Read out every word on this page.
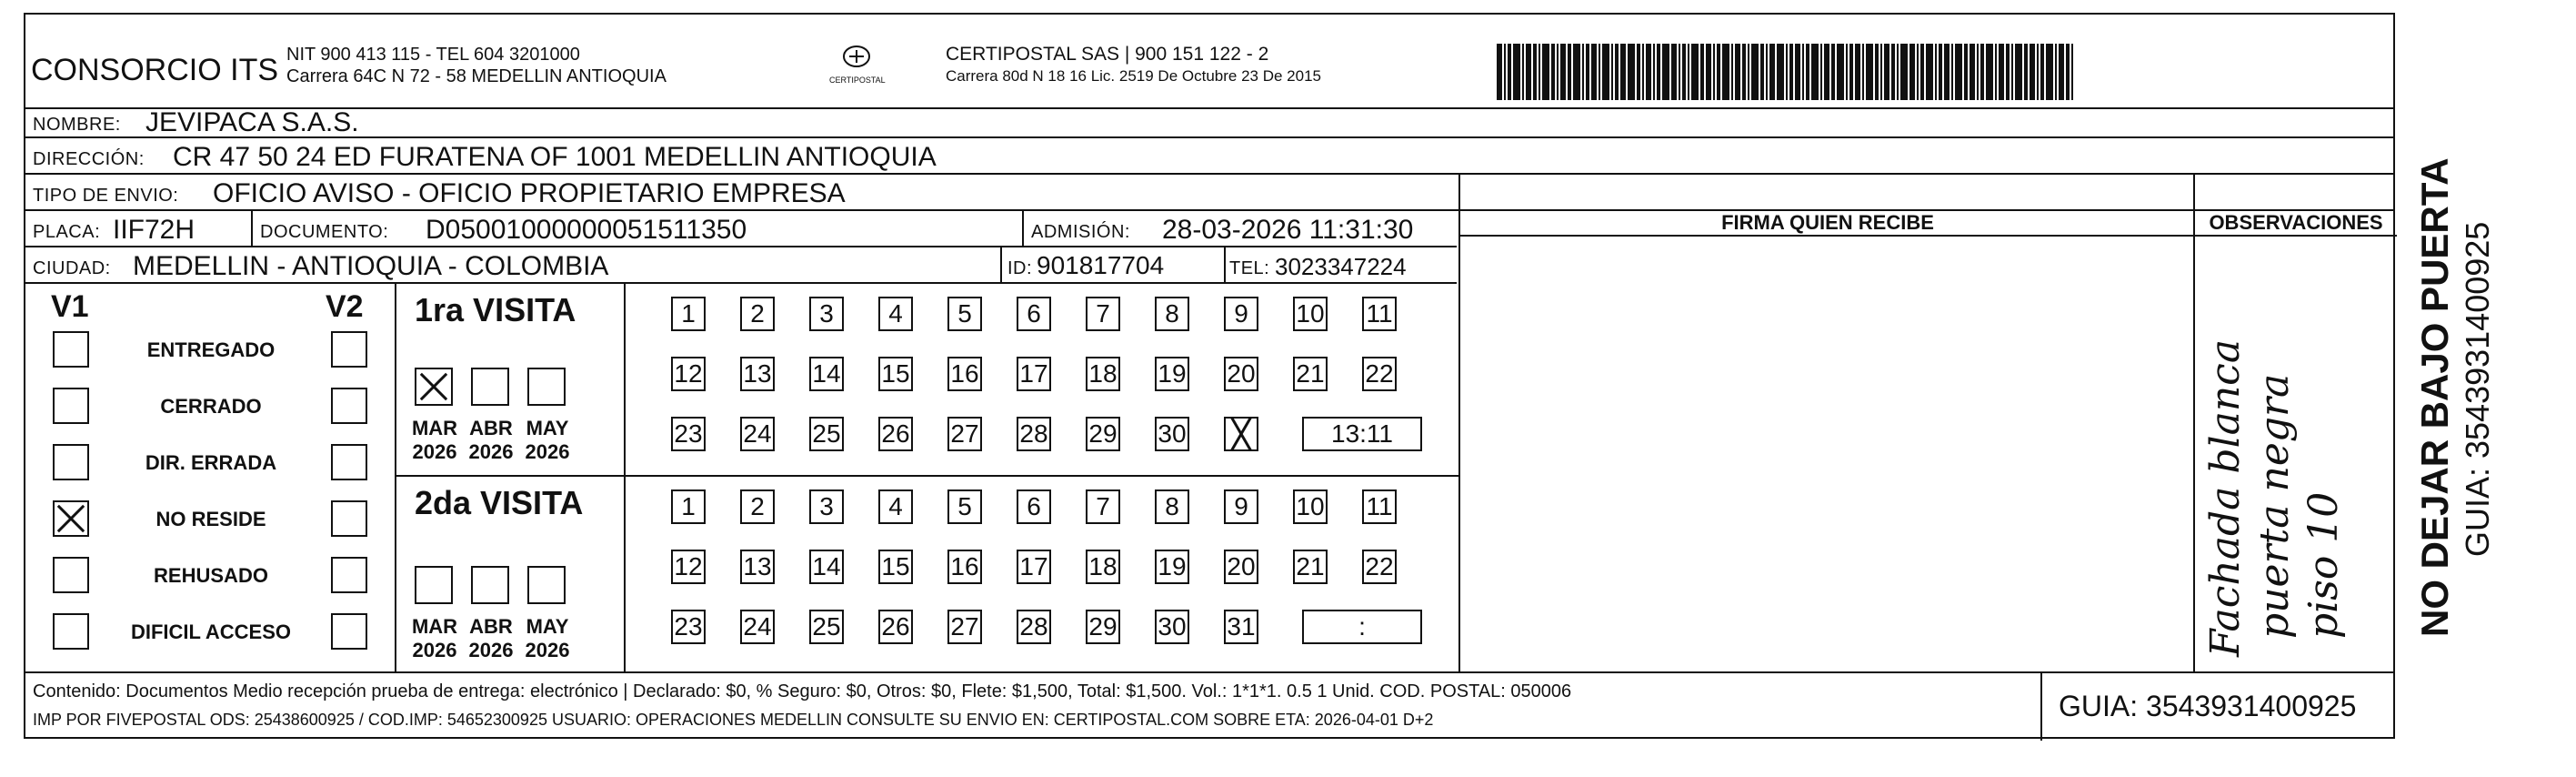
CONSORCIO ITS NIT 900 413 115 - TEL 604 3201000
Carrera 64C N 72 - 58 MEDELLIN ANTIOQUIA	CERTIPOSTAL
CERTIPOSTAL SAS | 900 151 122 - 2
Carrera 80d N 18 16 Lic. 2519 De Octubre 23 De 2015
NOMBRE: JEVIPACA S.A.S.
DIRECCIÓN: CR 47 50 24 ED FURATENA OF 1001 MEDELLIN ANTIOQUIA
TIPO DE ENVIO: OFICIO AVISO - OFICIO PROPIETARIO EMPRESA
PLACA: IIF72H	DOCUMENTO: D05001000000051511350	ADMISIÓN: 28-03-2026 11:31:30
CIUDAD: MEDELLIN - ANTIOQUIA - COLOMBIA	ID: 901817704	TEL: 3023347224
FIRMA QUIEN RECIBE	OBSERVACIONES
Fachada blanca puerta negra piso 10
V1	V2
ENTREGADO
CERRADO
DIR. ERRADA
NO RESIDE
REHUSADO
DIFICIL ACCESO
1ra VISITA
MAR
2026
ABR
2026
MAY
2026
1	2	3	4	5	6	7	8	9	10 11
12 13 14 15 16 17 18 19 20 21 22
23 24 25 26 27 28 29 30	13:11
2da VISITA
MAR
2026
ABR
2026
MAY
2026
1	2	3	4	5	6	7	8	9	10 11
12 13 14 15 16 17 18 19 20 21 22
23 24 25 26 27 28 29 30 31	:
Contenido: Documentos Medio recepción prueba de entrega: electrónico | Declarado: $0, % Seguro: $0, Otros: $0, Flete: $1,500, Total: $1,500. Vol.: 1*1*1. 0.5 1 Unid. COD. POSTAL: 050006
IMP POR FIVEPOSTAL ODS: 25438600925 / COD.IMP: 54652300925 USUARIO: OPERACIONES MEDELLIN CONSULTE SU ENVIO EN: CERTIPOSTAL.COM SOBRE ETA: 2026-04-01 D+2	GUIA: 3543931400925
NO DEJAR BAJO PUERTA GUIA: 3543931400925
